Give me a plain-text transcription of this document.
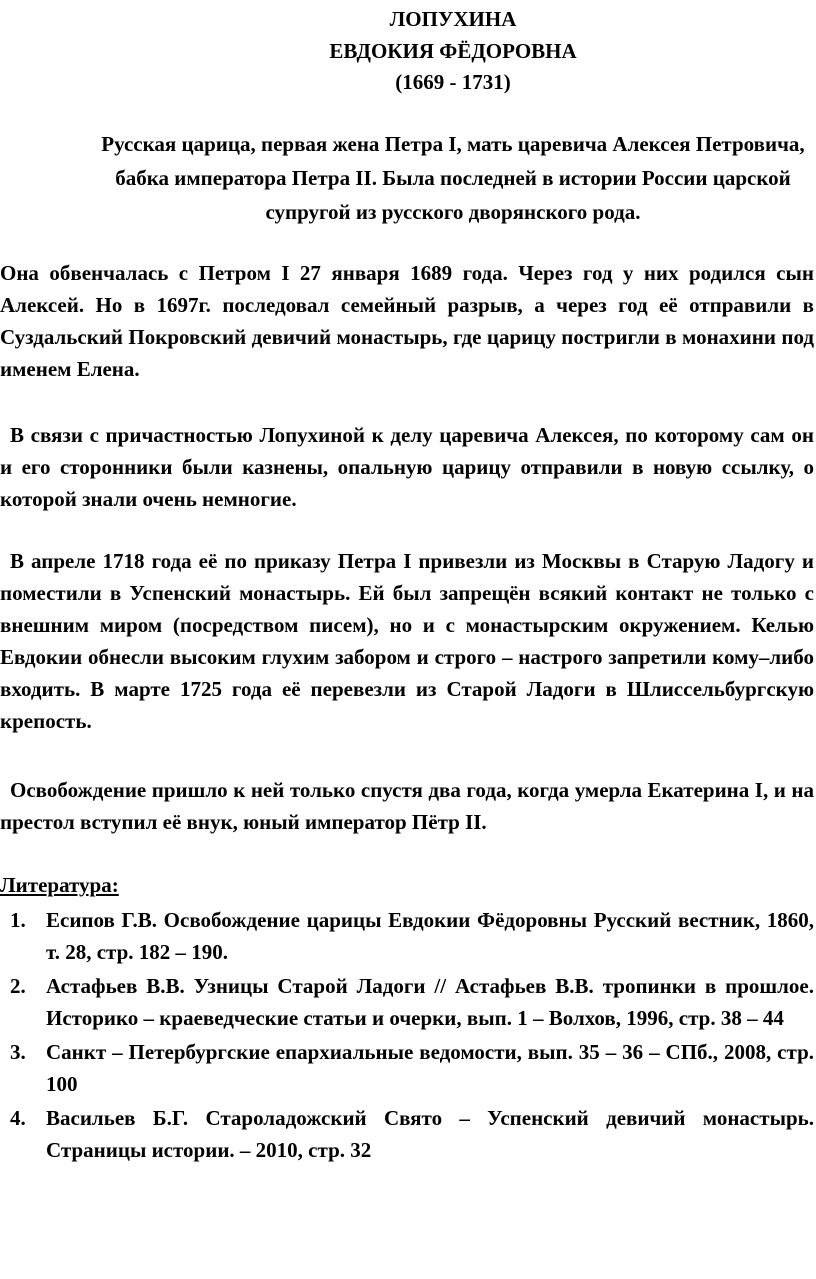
ЛОПУХИНА
ЕВДОКИЯ ФЁДОРОВНА
(1669 - 1731)
Русская царица, первая жена Петра I, мать царевича Алексея Петровича, бабка императора Петра II. Была последней в истории России царской супругой из русского дворянского рода.
Она обвенчалась с Петром I 27 января 1689 года. Через год у них родился сын Алексей. Но в 1697г. последовал семейный разрыв, а через год её отправили в Суздальский Покровский девичий монастырь, где царицу постригли в монахини под именем Елена.
В связи с причастностью Лопухиной к делу царевича Алексея, по которому сам он и его сторонники были казнены, опальную царицу отправили в новую ссылку, о которой знали очень немногие.
В апреле 1718 года её по приказу Петра I привезли из Москвы в Старую Ладогу и поместили в Успенский монастырь. Ей был запрещён всякий контакт не только с внешним миром (посредством писем), но и с монастырским окружением. Келью Евдокии обнесли высоким глухим забором и строго – настрого запретили кому–либо входить. В марте 1725 года её перевезли из Старой Ладоги в Шлиссельбургскую крепость.
Освобождение пришло к ней только спустя два года, когда умерла Екатерина I, и на престол вступил её внук, юный император Пётр II.
Литература:
1. Есипов Г.В. Освобождение царицы Евдокии Фёдоровны Русский вестник, 1860, т. 28, стр. 182 – 190.
2. Астафьев В.В. Узницы Старой Ладоги // Астафьев В.В. тропинки в прошлое. Историко – краеведческие статьи и очерки, вып. 1 – Волхов, 1996, стр. 38 – 44
3. Санкт – Петербургские епархиальные ведомости, вып. 35 – 36 – СПб., 2008, стр. 100
4. Васильев Б.Г. Староладожский Свято – Успенский девичий монастырь. Страницы истории. – 2010, стр. 32
